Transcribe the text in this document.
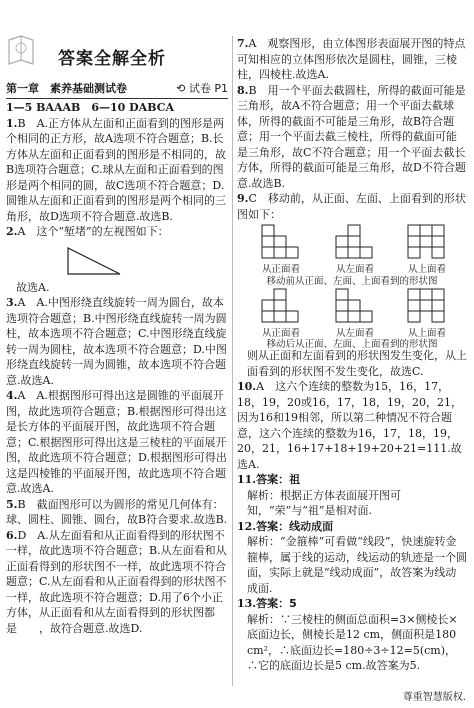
答案全解全析
第一章　素养基础测试卷	⟲ 试卷 P1

1—5 BAAAB　6—10 DABCA

1.B　A.正方体从左面和正面看到的图形是两个相同的正方形，故A选项不符合题意；B.长方体从左面和正面看到的图形是不相同的，故B选项符合题意；C.球从左面和正面看到的图形是两个相同的圆，故C选项不符合题意；D.圆锥从左面和正面看到的图形是两个相同的三角形，故D选项不符合题意.故选B.

2.A　这个“堑堵”的左视图如下：

故选A.

3.A　A.中图形绕直线旋转一周为圆台，故本选项符合题意；B.中图形绕直线旋转一周为圆柱，故本选项不符合题意；C.中图形绕直线旋转一周为圆柱，故本选项不符合题意；D.中图形绕直线旋转一周为圆锥，故本选项不符合题意.故选A.

4.A　A.根据图形可得出这是圆锥的平面展开图，故此选项符合题意；B.根据图形可得出这是长方体的平面展开图，故此选项不符合题意；C.根据图形可得出这是三棱柱的平面展开图，故此选项不符合题意；D.根据图形可得出这是四棱锥的平面展开图，故此选项不符合题意.故选A.

5.B　截面图形可以为圆形的常见几何体有：球、圆柱、圆锥、圆台，故B符合要求.故选B.

6.D　A.从左面看和从正面看得到的形状图不一样，故此选项不符合题意；B.从左面看和从正面看得到的形状图不一样，故此选项不符合题意；C.从左面看和从正面看得到的形状图不一样，故此选项不符合题意；D.用了6个小正方体，从正面看和从左面看得到的形状图都是　　，故符合题意.故选D.

7.A　观察图形，由立体图形表面展开图的特点可知相应的立体图形依次是圆柱，圆锥，三棱柱，四棱柱.故选A.

8.B　用一个平面去截圆柱，所得的截面可能是三角形，故A不符合题意；用一个平面去截球体，所得的截面不可能是三角形，故B符合题意；用一个平面去截三棱柱，所得的截面可能是三角形，故C不符合题意；用一个平面去截长方体，所得的截面可能是三角形，故D不符合题意.故选B.

9.C　移动前，从正面、左面、上面看到的形状图如下：

从正面看	从左面看	从上面看
移动前从正面、左面、上面看到的形状图
从正面看	从左面看	从上面看
移动后从正面、左面、上面看到的形状图

则从正面和左面看到的形状图发生变化，从上面看到的形状图不发生变化，故选C.

10.A　这六个连续的整数为15，16，17，18，19，20或16，17，18，19，20，21，因为16和19相邻，所以第二种情况不符合题意，这六个连续的整数为16，17，18，19，20，21，16+17+18+19+20+21=111.故选A.

11.答案：祖

解析：根据正方体表面展开图可知，“荣”与“祖”是相对面.

12.答案：线动成面

解析：“金箍棒”可看做“线段”，快速旋转金箍棒，属于线的运动，线运动的轨迹是一个圆面，实际上就是“线动成面”，故答案为线动成面.

13.答案：5

解析：∵三棱柱的侧面总面积=3×侧棱长×底面边长，侧棱长是12 cm，侧面积是180 cm²，∴底面边长=180÷3÷12=5(cm)，∴它的底面边长是5 cm.故答案为5.

尊重智慧版权.
